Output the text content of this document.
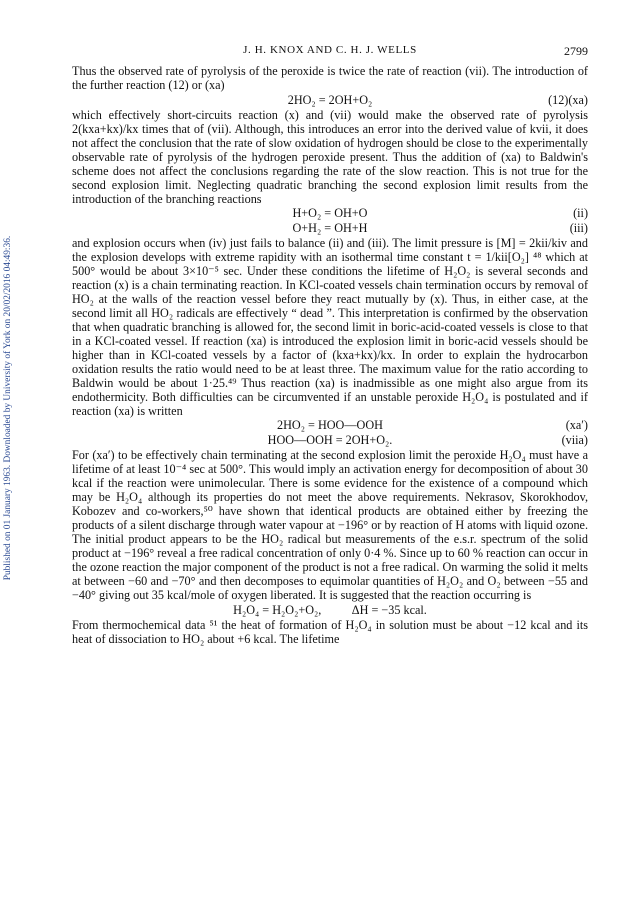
Published on 01 January 1963. Downloaded by University of York on 20/02/2016 04:49:36.
J. H. KNOX AND C. H. J. WELLS	2799

Thus the observed rate of pyrolysis of the peroxide is twice the rate of reaction (vii). The introduction of the further reaction (12) or (xa)

2HO₂ = 2OH+O₂	(12)(xa)

which effectively short-circuits reaction (x) and (vii) would make the observed rate of pyrolysis 2(kxa+kx)/kx times that of (vii). Although, this introduces an error into the derived value of kvii, it does not affect the conclusion that the rate of slow oxidation of hydrogen should be close to the experimentally observable rate of pyrolysis of the hydrogen peroxide present. Thus the addition of (xa) to Baldwin's scheme does not affect the conclusions regarding the rate of the slow reaction. This is not true for the second explosion limit. Neglecting quadratic branching the second explosion limit results from the introduction of the branching reactions

H+O₂ = OH+O	(ii)
O+H₂ = OH+H	(iii)

and explosion occurs when (iv) just fails to balance (ii) and (iii). The limit pressure is [M] = 2kii/kiv and the explosion develops with extreme rapidity with an isothermal time constant t = 1/kii[O₂] ⁴⁸ which at 500° would be about 3×10⁻⁵ sec. Under these conditions the lifetime of H₂O₂ is several seconds and reaction (x) is a chain terminating reaction. In KCl-coated vessels chain termination occurs by removal of HO₂ at the walls of the reaction vessel before they react mutually by (x). Thus, in either case, at the second limit all HO₂ radicals are effectively “ dead ”. This interpretation is confirmed by the observation that when quadratic branching is allowed for, the second limit in boric-acid-coated vessels is close to that in a KCl-coated vessel. If reaction (xa) is introduced the explosion limit in boric-acid vessels should be higher than in KCl-coated vessels by a factor of (kxa+kx)/kx. In order to explain the hydrocarbon oxidation results the ratio would need to be at least three. The maximum value for the ratio according to Baldwin would be about 1·25.⁴⁹ Thus reaction (xa) is inadmissible as one might also argue from its endothermicity. Both difficulties can be circumvented if an unstable peroxide H₂O₄ is postulated and if reaction (xa) is written

2HO₂ = HOO—OOH	(xa′)
HOO—OOH = 2OH+O₂.	(viia)

For (xa′) to be effectively chain terminating at the second explosion limit the peroxide H₂O₄ must have a lifetime of at least 10⁻⁴ sec at 500°. This would imply an activation energy for decomposition of about 30 kcal if the reaction were unimolecular. There is some evidence for the existence of a compound which may be H₂O₄ although its properties do not meet the above requirements. Nekrasov, Skorokhodov, Kobozev and co-workers,⁵⁰ have shown that identical products are obtained either by freezing the products of a silent discharge through water vapour at −196° or by reaction of H atoms with liquid ozone. The initial product appears to be the HO₂ radical but measurements of the e.s.r. spectrum of the solid product at −196° reveal a free radical concentration of only 0·4 %. Since up to 60 % reaction can occur in the ozone reaction the major component of the product is not a free radical. On warming the solid it melts at between −60 and −70° and then decomposes to equimolar quantities of H₂O₂ and O₂ between −55 and −40° giving out 35 kcal/mole of oxygen liberated. It is suggested that the reaction occurring is

H₂O₄ = H₂O₂+O₂,          ΔH = −35 kcal.

From thermochemical data ⁵¹ the heat of formation of H₂O₄ in solution must be about −12 kcal and its heat of dissociation to HO₂ about +6 kcal. The lifetime
